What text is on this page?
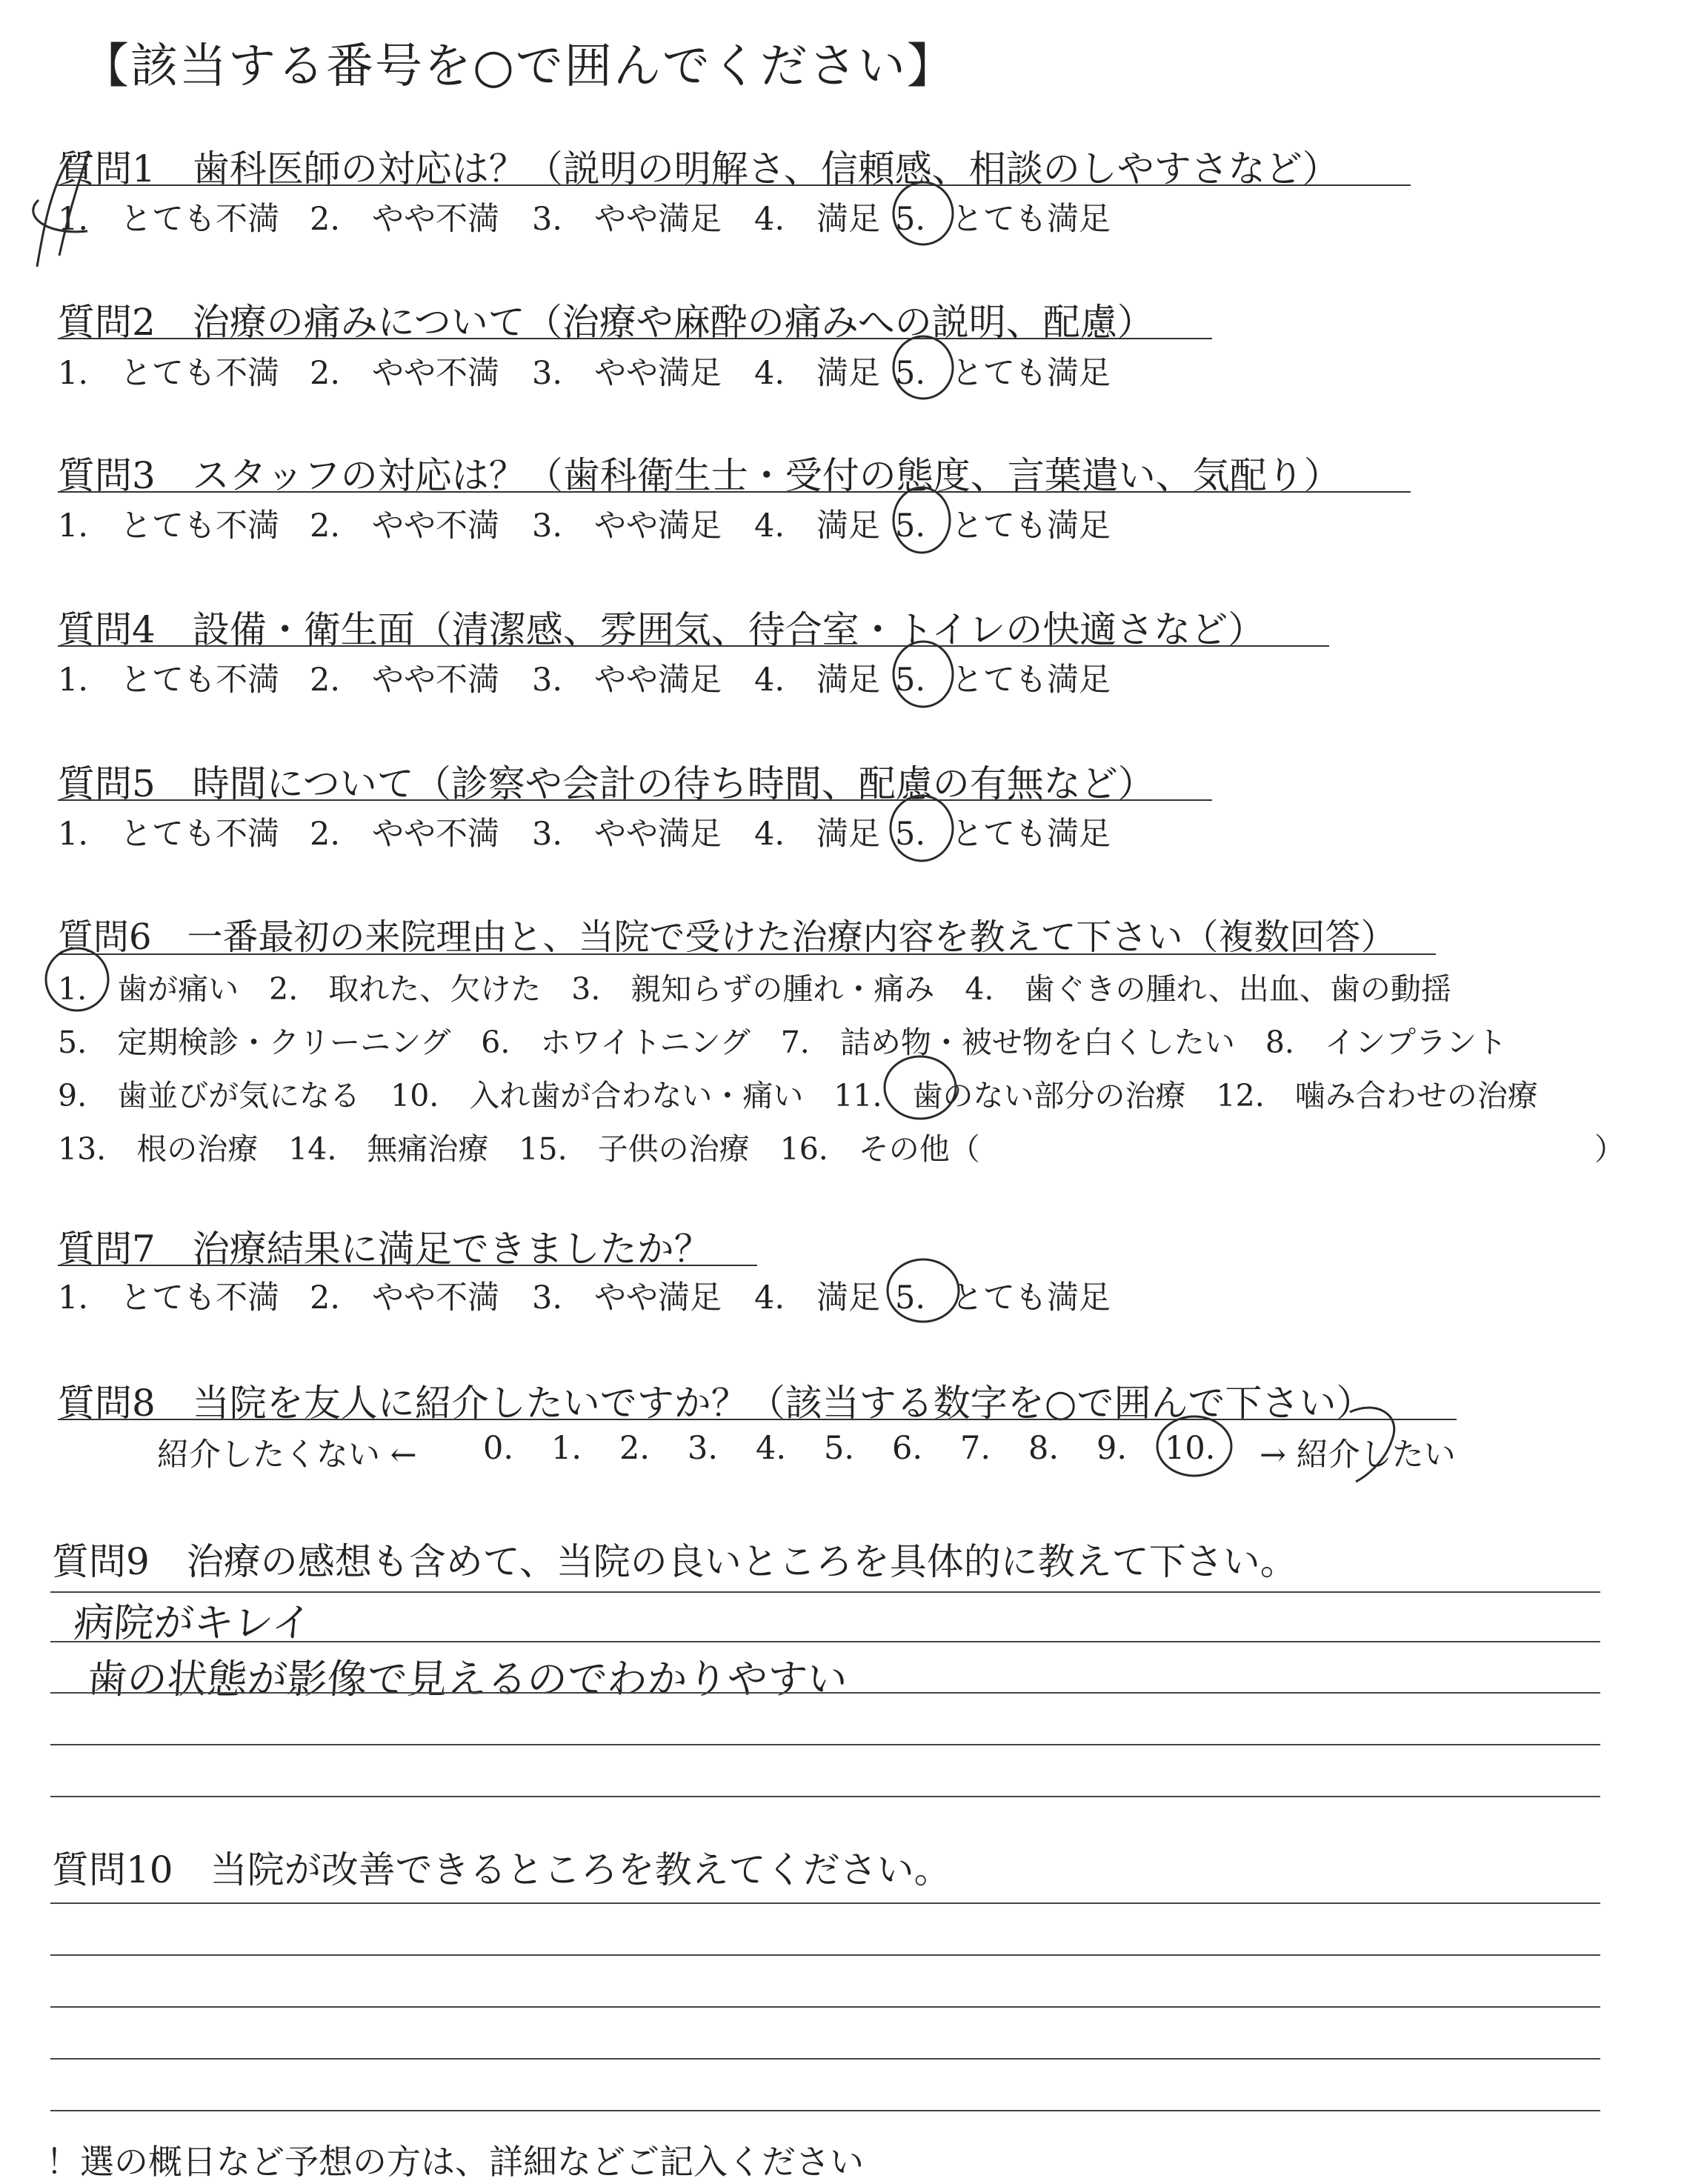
【該当する番号を○で囲んでください】
質問1　歯科医師の対応は？（説明の明解さ、信頼感、相談のしやすさなど）
1.　とても不満 2.　やや不満 3.　やや満足 4.　満足 5. とても満足
質問2　治療の痛みについて（治療や麻酔の痛みへの説明、配慮）
1.　とても不満 2.　やや不満 3.　やや満足 4.　満足 5. とても満足
質問3　スタッフの対応は？（歯科衛生士・受付の態度、言葉遣い、気配り）
1.　とても不満 2.　やや不満 3.　やや満足 4.　満足 5. とても満足
質問4　設備・衛生面（清潔感、雰囲気、待合室・トイレの快適さなど）
1.　とても不満 2.　やや不満 3.　やや満足 4.　満足 5. とても満足
質問5　時間について（診察や会計の待ち時間、配慮の有無など）
1.　とても不満 2.　やや不満 3.　やや満足 4.　満足 5. とても満足
質問6　一番最初の来院理由と、当院で受けた治療内容を教えて下さい（複数回答）
1.　歯が痛い　2.　取れた、欠けた　3.　親知らずの腫れ・痛み　4.　歯ぐきの腫れ、出血、歯の動揺
5.　定期検診・クリーニング　6.　ホワイトニング　7.　詰め物・被せ物を白くしたい　8.　インプラント
9.　歯並びが気になる　10.　入れ歯が合わない・痛い　11.　歯のない部分の治療　12.　噛み合わせの治療
13.　根の治療　14.　無痛治療　15.　子供の治療　16.　その他（	）
質問7　治療結果に満足できましたか？
1.　とても不満 2.　やや不満 3.　やや満足 4.　満足 5. とても満足
質問8　当院を友人に紹介したいですか？（該当する数字を○で囲んで下さい）
紹介したくない ← 0. 1. 2. 3. 4. 5. 6. 7. 8. 9. 10.	→ 紹介したい
質問9　治療の感想も含めて、当院の良いところを具体的に教えて下さい。
病院がキレイ
歯の状態が影像で見えるのでわかりやすい
質問10　当院が改善できるところを教えてください。
！選の概日など予想の方は、詳細などご記入ください
